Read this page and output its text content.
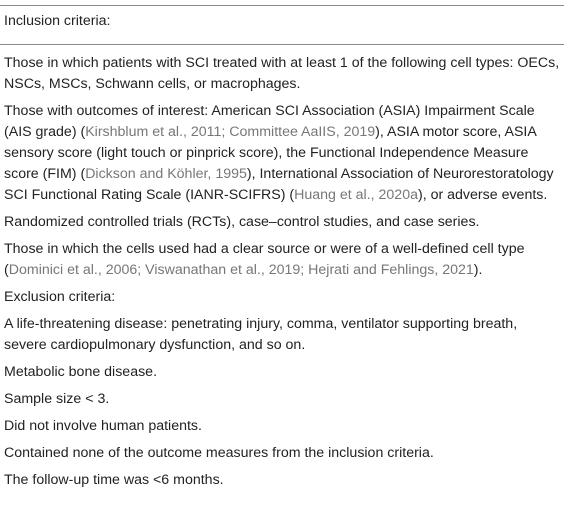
Inclusion criteria:
Those in which patients with SCI treated with at least 1 of the following cell types: OECs, NSCs, MSCs, Schwann cells, or macrophages.
Those with outcomes of interest: American SCI Association (ASIA) Impairment Scale (AIS grade) (Kirshblum et al., 2011; Committee AaIIS, 2019), ASIA motor score, ASIA sensory score (light touch or pinprick score), the Functional Independence Measure score (FIM) (Dickson and Köhler, 1995), International Association of Neurorestoratology SCI Functional Rating Scale (IANR-SCIFRS) (Huang et al., 2020a), or adverse events.
Randomized controlled trials (RCTs), case–control studies, and case series.
Those in which the cells used had a clear source or were of a well-defined cell type (Dominici et al., 2006; Viswanathan et al., 2019; Hejrati and Fehlings, 2021).
Exclusion criteria:
A life-threatening disease: penetrating injury, comma, ventilator supporting breath, severe cardiopulmonary dysfunction, and so on.
Metabolic bone disease.
Sample size < 3.
Did not involve human patients.
Contained none of the outcome measures from the inclusion criteria.
The follow-up time was <6 months.
